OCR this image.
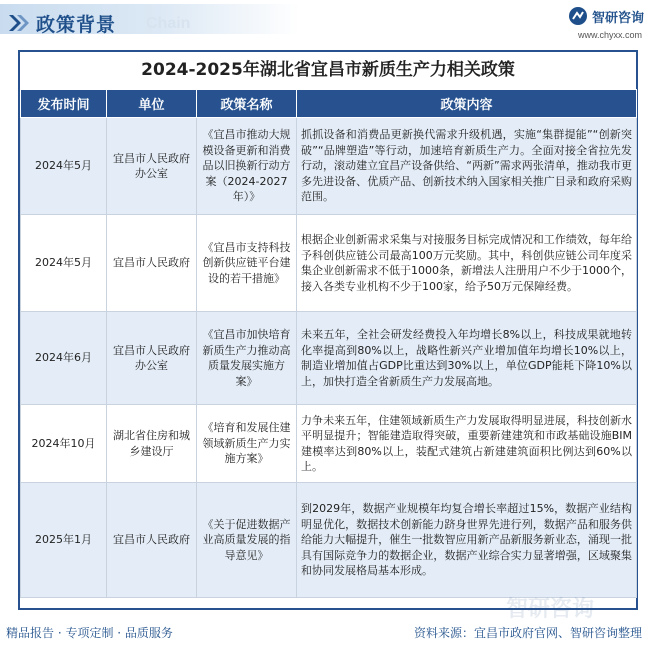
政策背景 Chain	智研咨询
www.chyxx.com
2024-2025年湖北省宜昌市新质生产力相关政策
发布时间	单位	政策名称	政策内容
2024年5月	宜昌市人民政府办公室	《宜昌市推动大规模设备更新和消费品以旧换新行动方案（2024-2027年）》	抓抓设备和消费品更新换代需求升级机遇，实施“集群提能”“创新突破”“品牌塑造”等行动，加速培育新质生产力。全面对接全省拉先发行动，滚动建立宜昌产设备供给、“两新”需求两张清单，推动我市更多先进设备、优质产品、创新技术纳入国家相关推广目录和政府采购范围。
2024年5月	宜昌市人民政府	《宜昌市支持科技创新供应链平台建设的若干措施》	根据企业创新需求采集与对接服务目标完成情况和工作绩效，每年给予科创供应链公司最高100万元奖励。其中，科创供应链公司年度采集企业创新需求不低于1000条，新增法人注册用户不少于1000个，接入各类专业机构不少于100家，给予50万元保障经费。
2024年6月	宜昌市人民政府办公室	《宜昌市加快培育新质生产力推动高质量发展实施方案》	未来五年，全社会研发经费投入年均增长8%以上，科技成果就地转化率提高到80%以上，战略性新兴产业增加值年均增长10%以上，制造业增加值占GDP比重达到30%以上，单位GDP能耗下降10%以上，加快打造全省新质生产力发展高地。
2024年10月	湖北省住房和城乡建设厅	《培育和发展住建领域新质生产力实施方案》	力争未来五年，住建领域新质生产力发展取得明显进展，科技创新水平明显提升；智能建造取得突破，重要新建建筑和市政基础设施BIM建模率达到80%以上，装配式建筑占新建建筑面积比例达到60%以上。
2025年1月	宜昌市人民政府	《关于促进数据产业高质量发展的指导意见》	到2029年，数据产业规模年均复合增长率超过15%，数据产业结构明显优化，数据技术创新能力跻身世界先进行列，数据产品和服务供给能力大幅提升，催生一批数智应用新产品新服务新业态，涌现一批具有国际竞争力的数据企业，数据产业综合实力显著增强，区域聚集和协同发展格局基本形成。
智研咨询
精品报告 · 专项定制 · 品质服务	资料来源：宜昌市政府官网、智研咨询整理
